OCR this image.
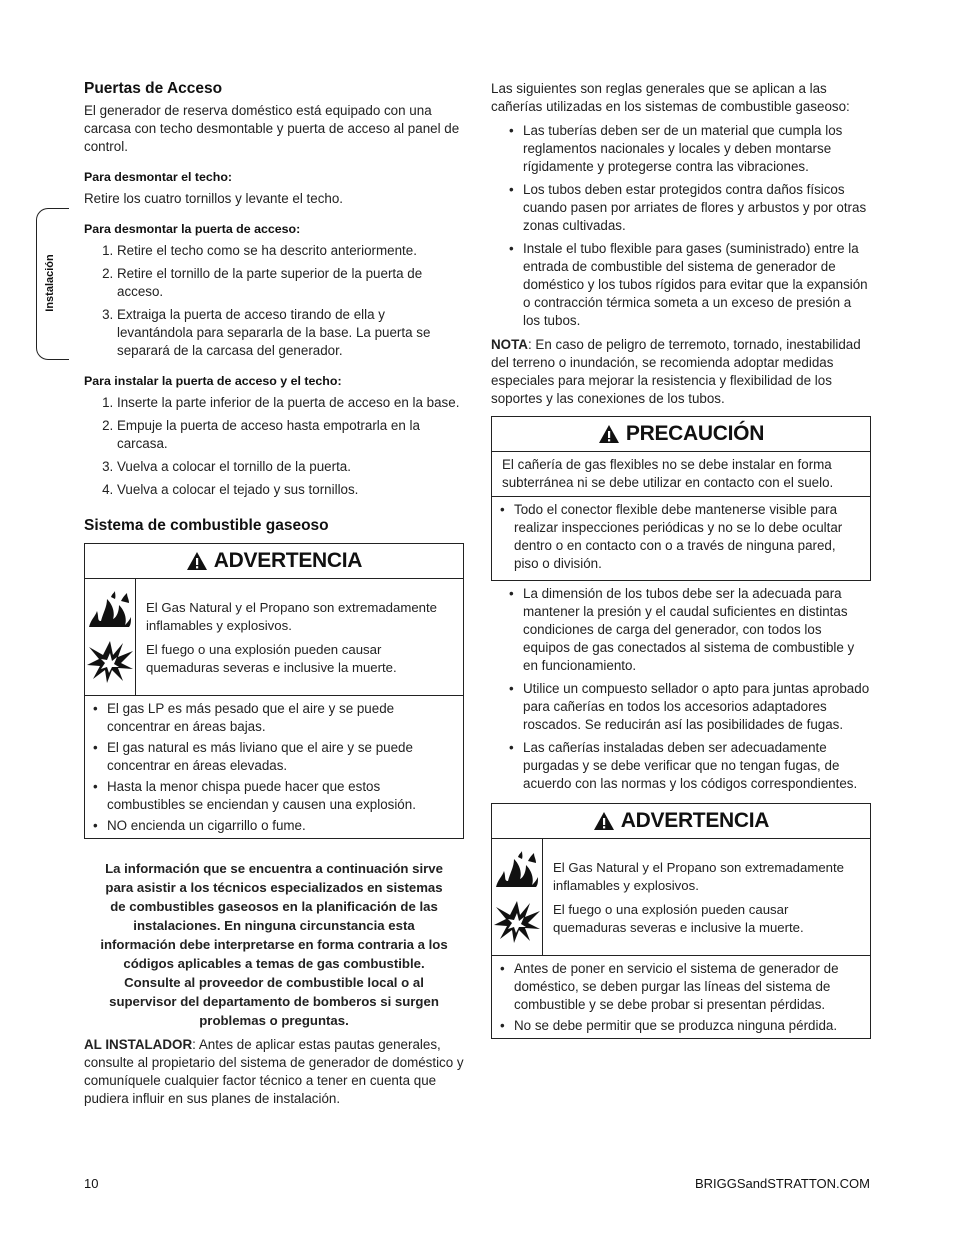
Instalación
Puertas de Acceso

El generador de reserva doméstico está equipado con una carcasa con techo desmontable y puerta de acceso al panel de control.

Para desmontar el techo:

Retire los cuatro tornillos y levante el techo.

Para desmontar la puerta de acceso:
1. Retire el techo como se ha descrito anteriormente.
2. Retire el tornillo de la parte superior de la puerta de acceso.
3. Extraiga la puerta de acceso tirando de ella y levantándola para separarla de la base. La puerta se separará de la carcasa del generador.
Para instalar la puerta de acceso y el techo:
1. Inserte la parte inferior de la puerta de acceso en la base.
2. Empuje la puerta de acceso hasta empotrarla en la carcasa.
3. Vuelva a colocar el tornillo de la puerta.
4. Vuelva a colocar el tejado y sus tornillos.
Sistema de combustible gaseoso
ADVERTENCIA

El Gas Natural y el Propano son extremadamente inflamables y explosivos.

El fuego o una explosión pueden causar quemaduras severas e inclusive la muerte.

• El gas LP es más pesado que el aire y se puede concentrar en áreas bajas.
• El gas natural es más liviano que el aire y se puede concentrar en áreas elevadas.
• Hasta la menor chispa puede hacer que estos combustibles se enciendan y causen una explosión.
• NO encienda un cigarrillo o fume.

La información que se encuentra a continuación sirve para asistir a los técnicos especializados en sistemas de combustibles gaseosos en la planificación de las instalaciones. En ninguna circunstancia esta información debe interpretarse en forma contraria a los códigos aplicables a temas de gas combustible. Consulte al proveedor de combustible local o al supervisor del departamento de bomberos si surgen problemas o preguntas.

AL INSTALADOR: Antes de aplicar estas pautas generales, consulte al propietario del sistema de generador de doméstico y comuníquele cualquier factor técnico a tener en cuenta que pudiera influir en sus planes de instalación.

Las siguientes son reglas generales que se aplican a las cañerías utilizadas en los sistemas de combustible gaseoso:

• Las tuberías deben ser de un material que cumpla los reglamentos nacionales y locales y deben montarse rígidamente y protegerse contra las vibraciones.
• Los tubos deben estar protegidos contra daños físicos cuando pasen por arriates de flores y arbustos y por otras zonas cultivadas.
• Instale el tubo flexible para gases (suministrado) entre la entrada de combustible del sistema de generador de doméstico y los tubos rígidos para evitar que la expansión o contracción térmica someta a un exceso de presión a los tubos.

NOTA: En caso de peligro de terremoto, tornado, inestabilidad del terreno o inundación, se recomienda adoptar medidas especiales para mejorar la resistencia y flexibilidad de los soportes y las conexiones de los tubos.

PRECAUCIÓN
El cañería de gas flexibles no se debe instalar en forma subterránea ni se debe utilizar en contacto con el suelo.
• Todo el conector flexible debe mantenerse visible para realizar inspecciones periódicas y no se lo debe ocultar dentro o en contacto con o a través de ninguna pared, piso o división.
• La dimensión de los tubos debe ser la adecuada para mantener la presión y el caudal suficientes en distintas condiciones de carga del generador, con todos los equipos de gas conectados al sistema de combustible y en funcionamiento.
• Utilice un compuesto sellador o apto para juntas aprobado para cañerías en todos los accesorios adaptadores roscados. Se reducirán así las posibilidades de fugas.
• Las cañerías instaladas deben ser adecuadamente purgadas y se debe verificar que no tengan fugas, de acuerdo con las normas y los códigos correspondientes.
ADVERTENCIA

El Gas Natural y el Propano son extremadamente inflamables y explosivos.

El fuego o una explosión pueden causar quemaduras severas e inclusive la muerte.

• Antes de poner en servicio el sistema de generador de doméstico, se deben purgar las líneas del sistema de combustible y se debe probar si presentan pérdidas.
• No se debe permitir que se produzca ninguna pérdida.
10	BRIGGSandSTRATTON.COM
